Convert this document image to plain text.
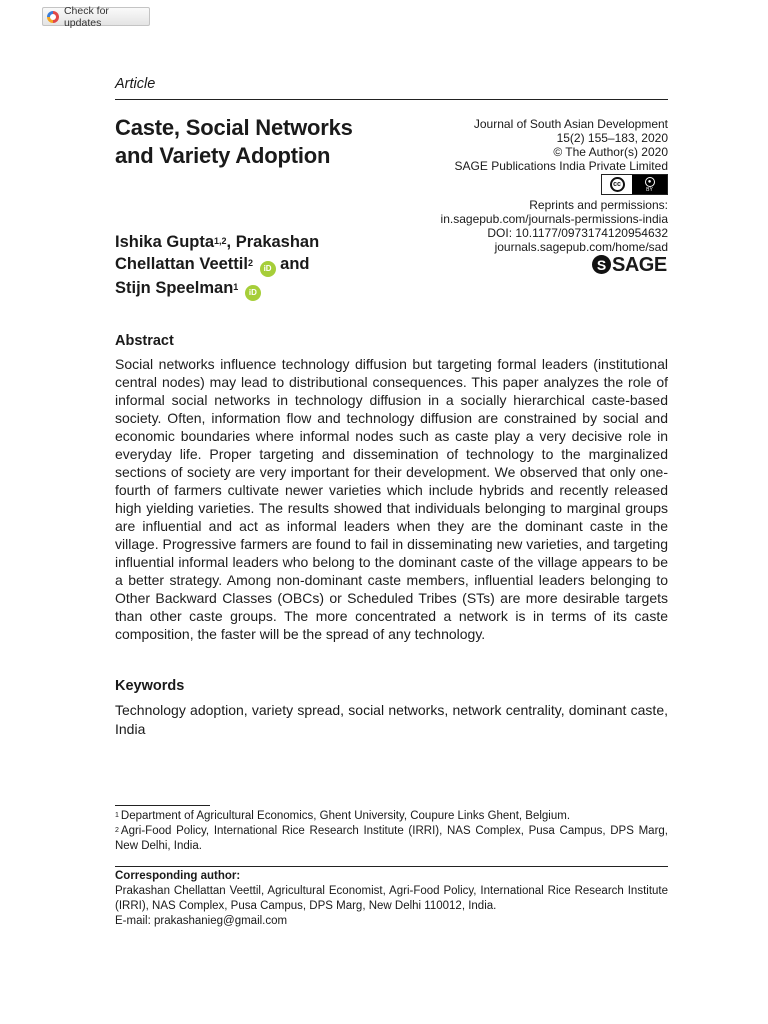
Check for updates
Article
Caste, Social Networks
and Variety Adoption
Journal of South Asian Development
15(2) 155–183, 2020
© The Author(s) 2020
SAGE Publications India Private Limited
cc	●
BY
Reprints and permissions:
in.sagepub.com/journals-permissions-india
DOI: 10.1177/0973174120954632
journals.sagepub.com/home/sad
S SAGE
Ishika Gupta$^{1,2}$, Prakashan
Chellattan Veettil$^2$ iD and
Stijn Speelman$^1$ iD
Abstract

Social networks influence technology diffusion but targeting formal leaders (institutional central nodes) may lead to distributional consequences. This paper analyzes the role of informal social networks in technology diffusion in a socially hierarchical caste-based society. Often, information flow and technology diffusion are constrained by social and economic boundaries where informal nodes such as caste play a very decisive role in everyday life. Proper targeting and dissemination of technology to the marginalized sections of society are very important for their development. We observed that only one-fourth of farmers cultivate newer varieties which include hybrids and recently released high yielding varieties. The results showed that individuals belonging to marginal groups are influential and act as informal leaders when they are the dominant caste in the village. Progressive farmers are found to fail in disseminating new varieties, and targeting influential informal leaders who belong to the dominant caste of the village appears to be a better strategy. Among non-dominant caste members, influential leaders belonging to Other Backward Classes (OBCs) or Scheduled Tribes (STs) are more desirable targets than other caste groups. The more concentrated a network is in terms of its caste composition, the faster will be the spread of any technology.

Keywords

Technology adoption, variety spread, social networks, network centrality, dominant caste, India

$^1$ Department of Agricultural Economics, Ghent University, Coupure Links Ghent, Belgium.

$^2$ Agri-Food Policy, International Rice Research Institute (IRRI), NAS Complex, Pusa Campus, DPS Marg, New Delhi, India.

Corresponding author:

Prakashan Chellattan Veettil, Agricultural Economist, Agri-Food Policy, International Rice Research Institute (IRRI), NAS Complex, Pusa Campus, DPS Marg, New Delhi 110012, India.

E-mail: prakashanieg@gmail.com
